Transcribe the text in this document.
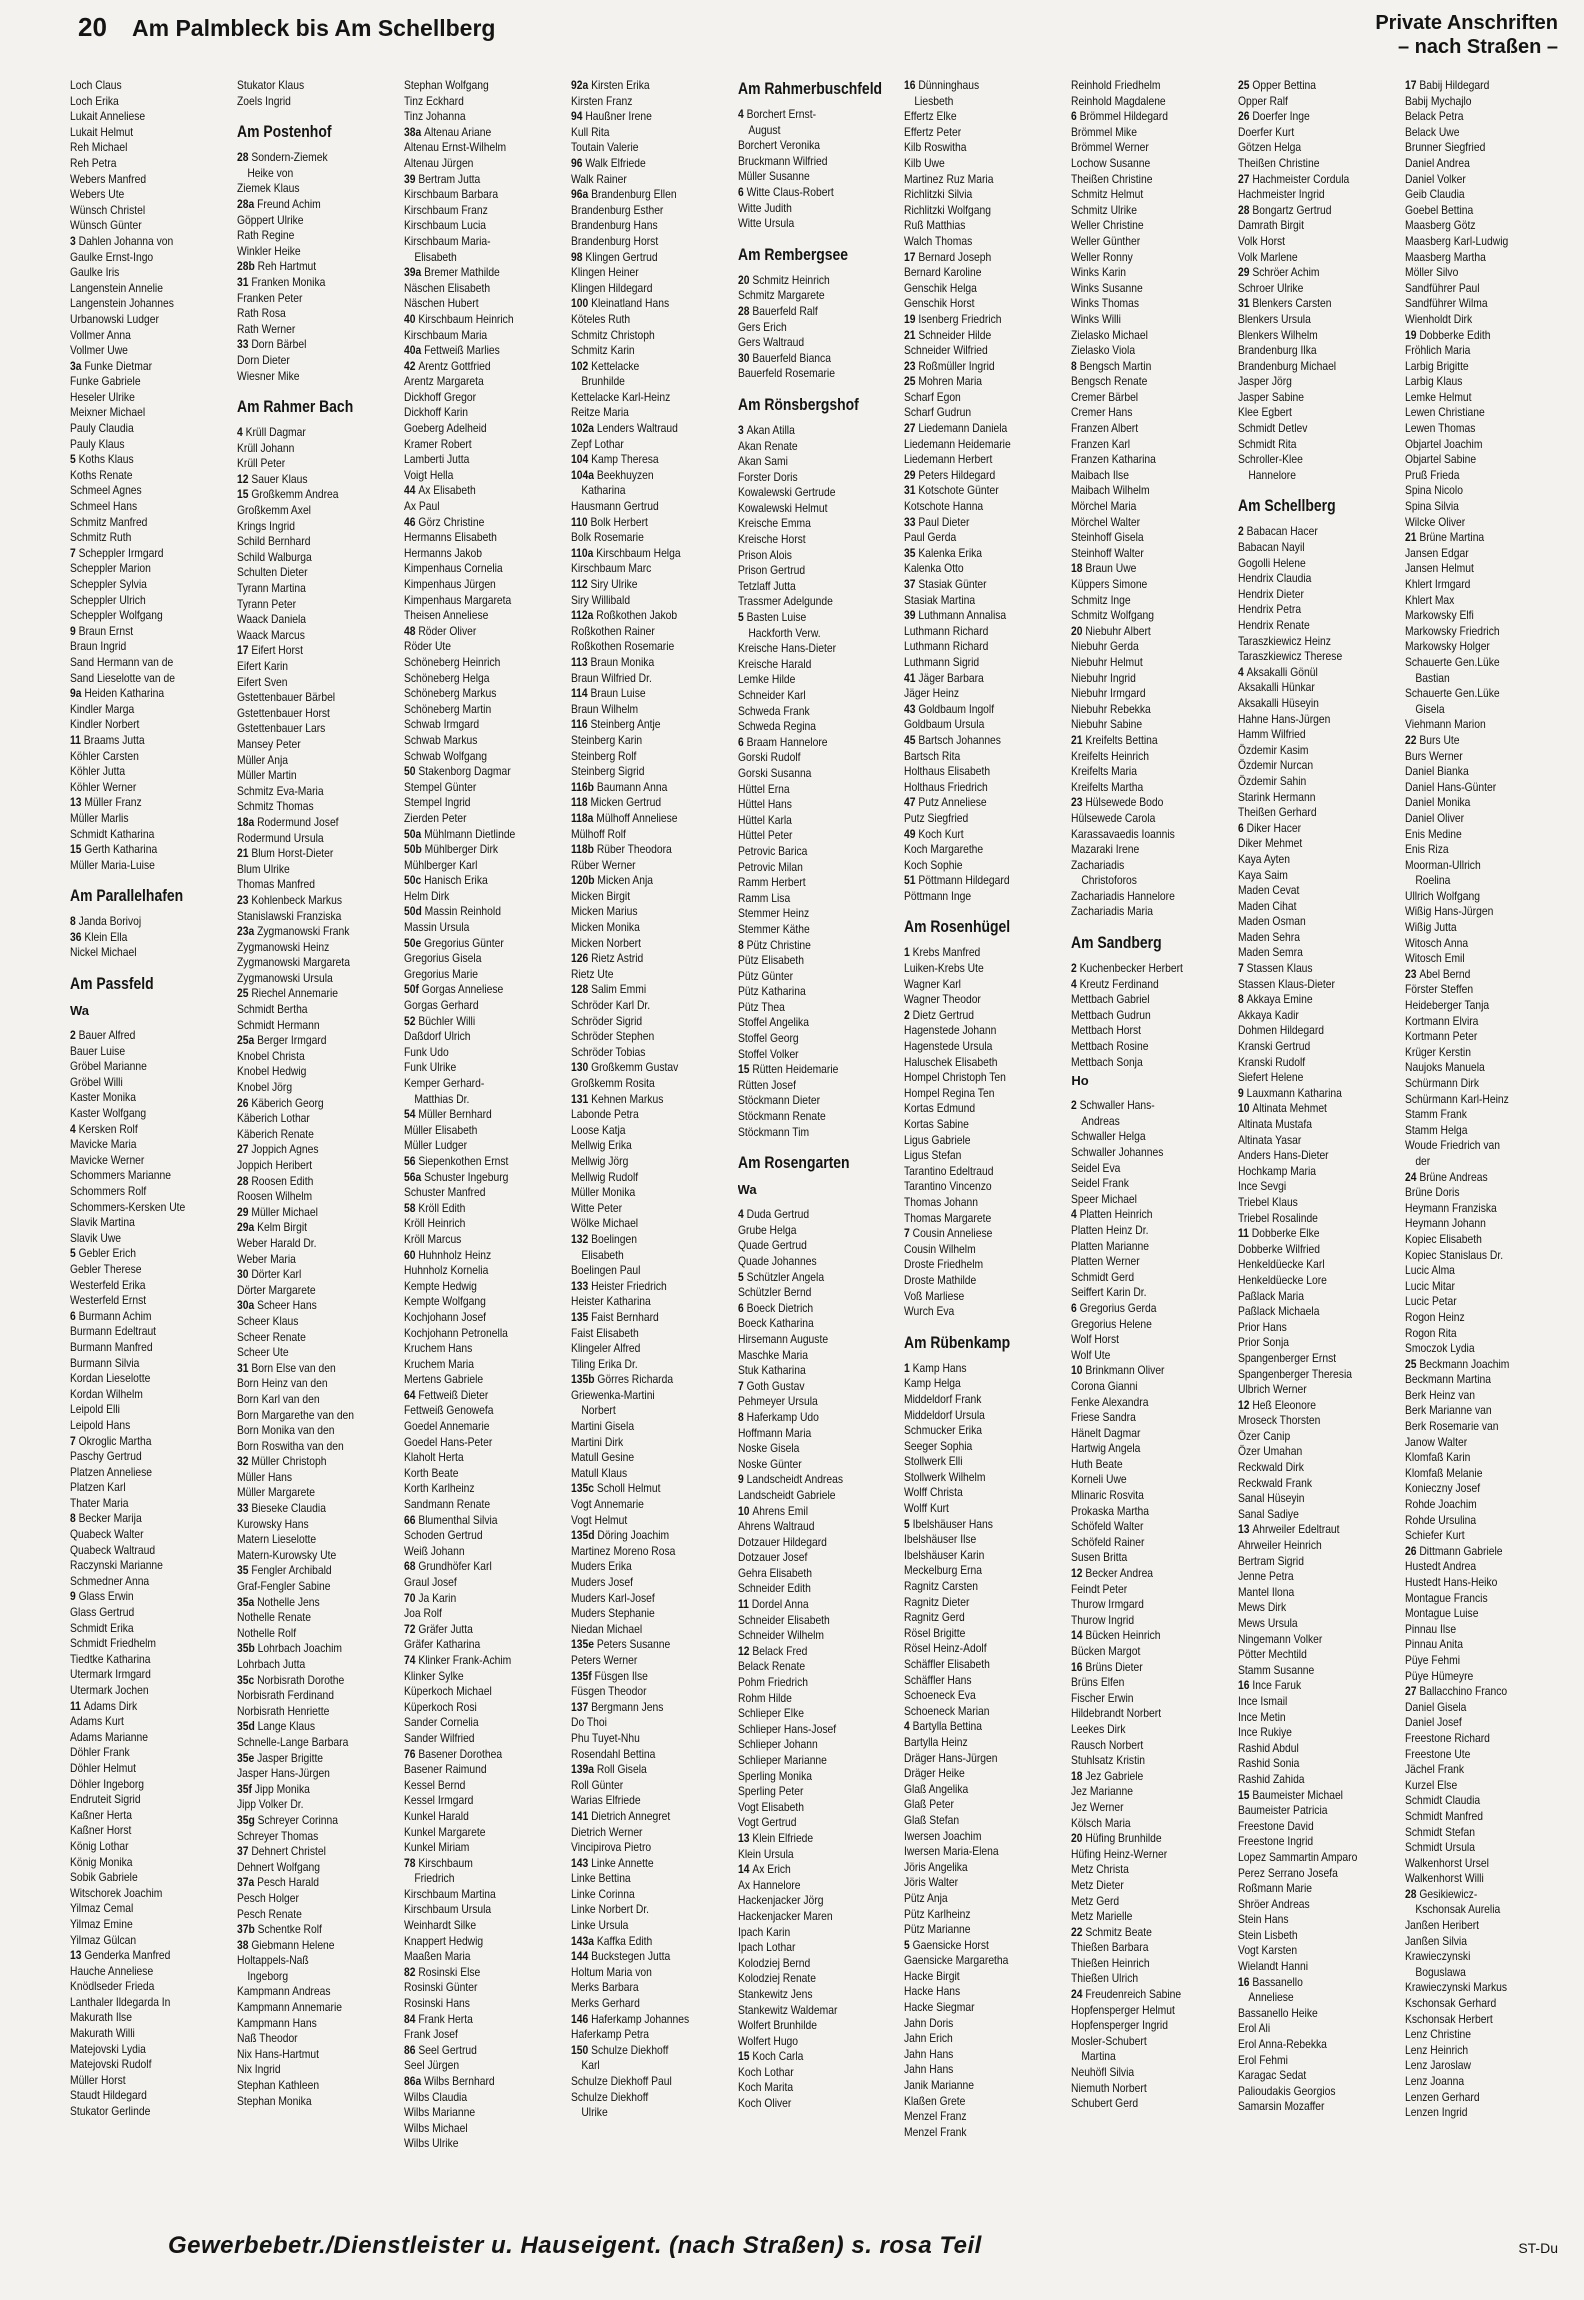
20 Am Palmbleck bis Am Schellberg	Private Anschriften
– nach Straßen –
Loch Claus
Loch Erika
Lukait Anneliese
Lukait Helmut
Reh Michael
Reh Petra
Webers Manfred
Webers Ute
Wünsch Christel
Wünsch Günter
3 Dahlen Johanna von
Gaulke Ernst-Ingo
Gaulke Iris
Langenstein Annelie
Langenstein Johannes
Urbanowski Ludger
Vollmer Anna
Vollmer Uwe
3a Funke Dietmar
Funke Gabriele
Heseler Ulrike
Meixner Michael
Pauly Claudia
Pauly Klaus
5 Koths Klaus
Koths Renate
Schmeel Agnes
Schmeel Hans
Schmitz Manfred
Schmitz Ruth
7 Scheppler Irmgard
Scheppler Marion
Scheppler Sylvia
Scheppler Ulrich
Scheppler Wolfgang
9 Braun Ernst
Braun Ingrid
Sand Hermann van de
Sand Lieselotte van de
9a Heiden Katharina
Kindler Marga
Kindler Norbert
11 Braams Jutta
Köhler Carsten
Köhler Jutta
Köhler Werner
13 Müller Franz
Müller Marlis
Schmidt Katharina
15 Gerth Katharina
Müller Maria-Luise
Am Parallelhafen
8 Janda Borivoj
36 Klein Ella
Nickel Michael
Am Passfeld
Wa
2 Bauer Alfred
Bauer Luise
Gröbel Marianne
Gröbel Willi
Kaster Monika
Kaster Wolfgang
4 Kersken Rolf
Mavicke Maria
Mavicke Werner
Schommers Marianne
Schommers Rolf
Schommers-Kersken Ute
Slavik Martina
Slavik Uwe
5 Gebler Erich
Gebler Therese
Westerfeld Erika
Westerfeld Ernst
6 Burmann Achim
Burmann Edeltraut
Burmann Manfred
Burmann Silvia
Kordan Lieselotte
Kordan Wilhelm
Leipold Elli
Leipold Hans
7 Okroglic Martha
Paschy Gertrud
Platzen Anneliese
Platzen Karl
Thater Maria
8 Becker Marija
Quabeck Walter
Quabeck Waltraud
Raczynski Marianne
Schmedner Anna
9 Glass Erwin
Glass Gertrud
Schmidt Erika
Schmidt Friedhelm
Tiedtke Katharina
Utermark Irmgard
Utermark Jochen
11 Adams Dirk
Adams Kurt
Adams Marianne
Döhler Frank
Döhler Helmut
Döhler Ingeborg
Endruteit Sigrid
Kaßner Herta
Kaßner Horst
König Lothar
König Monika
Sobik Gabriele
Witschorek Joachim
Yilmaz Cemal
Yilmaz Emine
Yilmaz Gülcan
13 Genderka Manfred
Hauche Anneliese
Knödlseder Frieda
Lanthaler Ildegarda In
Makurath Ilse
Makurath Willi
Matejovski Lydia
Matejovski Rudolf
Müller Horst
Staudt Hildegard
Stukator Gerlinde
Stukator Klaus
Zoels Ingrid
Am Postenhof
28 Sondern-Ziemek
Heike von
Ziemek Klaus
28a Freund Achim
Göppert Ulrike
Rath Regine
Winkler Heike
28b Reh Hartmut
31 Franken Monika
Franken Peter
Rath Rosa
Rath Werner
33 Dorn Bärbel
Dorn Dieter
Wiesner Mike
Am Rahmer Bach
4 Krüll Dagmar
Krüll Johann
Krüll Peter
12 Sauer Klaus
15 Großkemm Andrea
Großkemm Axel
Krings Ingrid
Schild Bernhard
Schild Walburga
Schulten Dieter
Tyrann Martina
Tyrann Peter
Waack Daniela
Waack Marcus
17 Eifert Horst
Eifert Karin
Eifert Sven
Gstettenbauer Bärbel
Gstettenbauer Horst
Gstettenbauer Lars
Mansey Peter
Müller Anja
Müller Martin
Schmitz Eva-Maria
Schmitz Thomas
18a Rodermund Josef
Rodermund Ursula
21 Blum Horst-Dieter
Blum Ulrike
Thomas Manfred
23 Kohlenbeck Markus
Stanislawski Franziska
23a Zygmanowski Frank
Zygmanowski Heinz
Zygmanowski Margareta
Zygmanowski Ursula
25 Riechel Annemarie
Schmidt Bertha
Schmidt Hermann
25a Berger Irmgard
Knobel Christa
Knobel Hedwig
Knobel Jörg
26 Käberich Georg
Käberich Lothar
Käberich Renate
27 Joppich Agnes
Joppich Heribert
28 Roosen Edith
Roosen Wilhelm
29 Müller Michael
29a Kelm Birgit
Weber Harald Dr.
Weber Maria
30 Dörter Karl
Dörter Margarete
30a Scheer Hans
Scheer Klaus
Scheer Renate
Scheer Ute
31 Born Else van den
Born Heinz van den
Born Karl van den
Born Margarethe van den
Born Monika van den
Born Roswitha van den
32 Müller Christoph
Müller Hans
Müller Margarete
33 Bieseke Claudia
Kurowsky Hans
Matern Lieselotte
Matern-Kurowsky Ute
35 Fengler Archibald
Graf-Fengler Sabine
35a Nothelle Jens
Nothelle Renate
Nothelle Rolf
35b Lohrbach Joachim
Lohrbach Jutta
35c Norbisrath Dorothe
Norbisrath Ferdinand
Norbisrath Henriette
35d Lange Klaus
Schnelle-Lange Barbara
35e Jasper Brigitte
Jasper Hans-Jürgen
35f Jipp Monika
Jipp Volker Dr.
35g Schreyer Corinna
Schreyer Thomas
37 Dehnert Christel
Dehnert Wolfgang
37a Pesch Harald
Pesch Holger
Pesch Renate
37b Schentke Rolf
38 Giebmann Helene
Holtappels-Naß
Ingeborg
Kampmann Andreas
Kampmann Annemarie
Kampmann Hans
Naß Theodor
Nix Hans-Hartmut
Nix Ingrid
Stephan Kathleen
Stephan Monika
Stephan Wolfgang
Tinz Eckhard
Tinz Johanna
38a Altenau Ariane
Altenau Ernst-Wilhelm
Altenau Jürgen
39 Bertram Jutta
Kirschbaum Barbara
Kirschbaum Franz
Kirschbaum Lucia
Kirschbaum Maria-
Elisabeth
39a Bremer Mathilde
Näschen Elisabeth
Näschen Hubert
40 Kirschbaum Heinrich
Kirschbaum Maria
40a Fettweiß Marlies
42 Arentz Gottfried
Arentz Margareta
Dickhoff Gregor
Dickhoff Karin
Goeberg Adelheid
Kramer Robert
Lamberti Jutta
Voigt Hella
44 Ax Elisabeth
Ax Paul
46 Görz Christine
Hermanns Elisabeth
Hermanns Jakob
Kimpenhaus Cornelia
Kimpenhaus Jürgen
Kimpenhaus Margareta
Theisen Anneliese
48 Röder Oliver
Röder Ute
Schöneberg Heinrich
Schöneberg Helga
Schöneberg Markus
Schöneberg Martin
Schwab Irmgard
Schwab Markus
Schwab Wolfgang
50 Stakenborg Dagmar
Stempel Günter
Stempel Ingrid
Zierden Peter
50a Mühlmann Dietlinde
50b Mühlberger Dirk
Mühlberger Karl
50c Hanisch Erika
Helm Dirk
50d Massin Reinhold
Massin Ursula
50e Gregorius Günter
Gregorius Gisela
Gregorius Marie
50f Gorgas Anneliese
Gorgas Gerhard
52 Büchler Willi
Daßdorf Ulrich
Funk Udo
Funk Ulrike
Kemper Gerhard-
Matthias Dr.
54 Müller Bernhard
Müller Elisabeth
Müller Ludger
56 Siepenkothen Ernst
56a Schuster Ingeburg
Schuster Manfred
58 Kröll Edith
Kröll Heinrich
Kröll Marcus
60 Huhnholz Heinz
Huhnholz Kornelia
Kempte Hedwig
Kempte Wolfgang
Kochjohann Josef
Kochjohann Petronella
Kruchem Hans
Kruchem Maria
Mertens Gabriele
64 Fettweiß Dieter
Fettweiß Genowefa
Goedel Annemarie
Goedel Hans-Peter
Klaholt Herta
Korth Beate
Korth Karlheinz
Sandmann Renate
66 Blumenthal Silvia
Schoden Gertrud
Weiß Johann
68 Grundhöfer Karl
Graul Josef
70 Ja Karin
Joa Rolf
72 Gräfer Jutta
Gräfer Katharina
74 Klinker Frank-Achim
Klinker Sylke
Küperkoch Michael
Küperkoch Rosi
Sander Cornelia
Sander Wilfried
76 Basener Dorothea
Basener Raimund
Kessel Bernd
Kessel Irmgard
Kunkel Harald
Kunkel Margarete
Kunkel Miriam
78 Kirschbaum
Friedrich
Kirschbaum Martina
Kirschbaum Ursula
Weinhardt Silke
Knappert Hedwig
Maaßen Maria
82 Rosinski Else
Rosinski Günter
Rosinski Hans
84 Frank Herta
Frank Josef
86 Seel Gertrud
Seel Jürgen
86a Wilbs Bernhard
Wilbs Claudia
Wilbs Marianne
Wilbs Michael
Wilbs Ulrike
92a Kirsten Erika
Kirsten Franz
94 Haußner Irene
Kull Rita
Toutain Valerie
96 Walk Elfriede
Walk Rainer
96a Brandenburg Ellen
Brandenburg Esther
Brandenburg Hans
Brandenburg Horst
98 Klingen Gertrud
Klingen Heiner
Klingen Hildegard
100 Kleinatland Hans
Köteles Ruth
Schmitz Christoph
Schmitz Karin
102 Kettelacke
Brunhilde
Kettelacke Karl-Heinz
Reitze Maria
102a Lenders Waltraud
Zepf Lothar
104 Kamp Theresa
104a Beekhuyzen
Katharina
Hausmann Gertrud
110 Bolk Herbert
Bolk Rosemarie
110a Kirschbaum Helga
Kirschbaum Marc
112 Siry Ulrike
Siry Willibald
112a Roßkothen Jakob
Roßkothen Rainer
Roßkothen Rosemarie
113 Braun Monika
Braun Wilfried Dr.
114 Braun Luise
Braun Wilhelm
116 Steinberg Antje
Steinberg Karin
Steinberg Rolf
Steinberg Sigrid
116b Baumann Anna
118 Micken Gertrud
118a Mülhoff Anneliese
Mülhoff Rolf
118b Rüber Theodora
Rüber Werner
120b Micken Anja
Micken Birgit
Micken Marius
Micken Monika
Micken Norbert
126 Rietz Astrid
Rietz Ute
128 Salim Emmi
Schröder Karl Dr.
Schröder Sigrid
Schröder Stephen
Schröder Tobias
130 Großkemm Gustav
Großkemm Rosita
131 Kehnen Markus
Labonde Petra
Loose Katja
Mellwig Erika
Mellwig Jörg
Mellwig Rudolf
Müller Monika
Witte Peter
Wölke Michael
132 Boelingen
Elisabeth
Boelingen Paul
133 Heister Friedrich
Heister Katharina
135 Faist Bernhard
Faist Elisabeth
Klingeler Alfred
Tiling Erika Dr.
135b Görres Richarda
Griewenka-Martini
Norbert
Martini Gisela
Martini Dirk
Matull Gesine
Matull Klaus
135c Scholl Helmut
Vogt Annemarie
Vogt Helmut
135d Döring Joachim
Martinez Moreno Rosa
Muders Erika
Muders Josef
Muders Karl-Josef
Muders Stephanie
Niedan Michael
135e Peters Susanne
Peters Werner
135f Füsgen Ilse
Füsgen Theodor
137 Bergmann Jens
Do Thoi
Phu Tuyet-Nhu
Rosendahl Bettina
139a Roll Gisela
Roll Günter
Warias Elfriede
141 Dietrich Annegret
Dietrich Werner
Vincipirova Pietro
143 Linke Annette
Linke Bettina
Linke Corinna
Linke Norbert Dr.
Linke Ursula
143a Kaffka Edith
144 Buckstegen Jutta
Holtum Maria von
Merks Barbara
Merks Gerhard
146 Haferkamp Johannes
Haferkamp Petra
150 Schulze Diekhoff
Karl
Schulze Diekhoff Paul
Schulze Diekhoff
Ulrike
Am Rahmerbuschfeld
4 Borchert Ernst-
August
Borchert Veronika
Bruckmann Wilfried
Müller Susanne
6 Witte Claus-Robert
Witte Judith
Witte Ursula
Am Rembergsee
20 Schmitz Heinrich
Schmitz Margarete
28 Bauerfeld Ralf
Gers Erich
Gers Waltraud
30 Bauerfeld Bianca
Bauerfeld Rosemarie
Am Rönsbergshof
3 Akan Atilla
Akan Renate
Akan Sami
Forster Doris
Kowalewski Gertrude
Kowalewski Helmut
Kreische Emma
Kreische Horst
Prison Alois
Prison Gertrud
Tetzlaff Jutta
Trassmer Adelgunde
5 Basten Luise
Hackforth Verw.
Kreische Hans-Dieter
Kreische Harald
Lemke Hilde
Schneider Karl
Schweda Frank
Schweda Regina
6 Braam Hannelore
Gorski Rudolf
Gorski Susanna
Hüttel Erna
Hüttel Hans
Hüttel Karla
Hüttel Peter
Petrovic Barica
Petrovic Milan
Ramm Herbert
Ramm Lisa
Stemmer Heinz
Stemmer Käthe
8 Pütz Christine
Pütz Elisabeth
Pütz Günter
Pütz Katharina
Pütz Thea
Stoffel Angelika
Stoffel Georg
Stoffel Volker
15 Rütten Heidemarie
Rütten Josef
Stöckmann Dieter
Stöckmann Renate
Stöckmann Tim
Am Rosengarten
Wa
4 Duda Gertrud
Grube Helga
Quade Gertrud
Quade Johannes
5 Schützler Angela
Schützler Bernd
6 Boeck Dietrich
Boeck Katharina
Hirsemann Auguste
Maschke Maria
Stuk Katharina
7 Goth Gustav
Pehmeyer Ursula
8 Haferkamp Udo
Hoffmann Maria
Noske Gisela
Noske Günter
9 Landscheidt Andreas
Landscheidt Gabriele
10 Ahrens Emil
Ahrens Waltraud
Dotzauer Hildegard
Dotzauer Josef
Gehra Elisabeth
Schneider Edith
11 Dordel Anna
Schneider Elisabeth
Schneider Wilhelm
12 Belack Fred
Belack Renate
Pohm Friedrich
Rohm Hilde
Schlieper Elke
Schlieper Hans-Josef
Schlieper Johann
Schlieper Marianne
Sperling Monika
Sperling Peter
Vogt Elisabeth
Vogt Gertrud
13 Klein Elfriede
Klein Ursula
14 Ax Erich
Ax Hannelore
Hackenjacker Jörg
Hackenjacker Maren
Ipach Karin
Ipach Lothar
Kolodziej Bernd
Kolodziej Renate
Stankewitz Jens
Stankewitz Waldemar
Wolfert Brunhilde
Wolfert Hugo
15 Koch Carla
Koch Lothar
Koch Marita
Koch Oliver
16 Dünninghaus
Liesbeth
Effertz Elke
Effertz Peter
Kilb Roswitha
Kilb Uwe
Martinez Ruz Maria
Richlitzki Silvia
Richlitzki Wolfgang
Ruß Matthias
Walch Thomas
17 Bernard Joseph
Bernard Karoline
Genschik Helga
Genschik Horst
19 Isenberg Friedrich
21 Schneider Hilde
Schneider Wilfried
23 Roßmüller Ingrid
25 Mohren Maria
Scharf Egon
Scharf Gudrun
27 Liedemann Daniela
Liedemann Heidemarie
Liedemann Herbert
29 Peters Hildegard
31 Kotschote Günter
Kotschote Hanna
33 Paul Dieter
Paul Gerda
35 Kalenka Erika
Kalenka Otto
37 Stasiak Günter
Stasiak Martina
39 Luthmann Annalisa
Luthmann Richard
Luthmann Richard
Luthmann Sigrid
41 Jäger Barbara
Jäger Heinz
43 Goldbaum Ingolf
Goldbaum Ursula
45 Bartsch Johannes
Bartsch Rita
Holthaus Elisabeth
Holthaus Friedrich
47 Putz Anneliese
Putz Siegfried
49 Koch Kurt
Koch Margarethe
Koch Sophie
51 Pöttmann Hildegard
Pöttmann Inge
Am Rosenhügel
1 Krebs Manfred
Luiken-Krebs Ute
Wagner Karl
Wagner Theodor
2 Dietz Gertrud
Hagenstede Johann
Hagenstede Ursula
Haluschek Elisabeth
Hompel Christoph Ten
Hompel Regina Ten
Kortas Edmund
Kortas Sabine
Ligus Gabriele
Ligus Stefan
Tarantino Edeltraud
Tarantino Vincenzo
Thomas Johann
Thomas Margarete
7 Cousin Anneliese
Cousin Wilhelm
Droste Friedhelm
Droste Mathilde
Voß Marliese
Wurch Eva
Am Rübenkamp
1 Kamp Hans
Kamp Helga
Middeldorf Frank
Middeldorf Ursula
Schmucker Erika
Seeger Sophia
Stollwerk Elli
Stollwerk Wilhelm
Wolff Christa
Wolff Kurt
5 Ibelshäuser Hans
Ibelshäuser Ilse
Ibelshäuser Karin
Meckelburg Erna
Ragnitz Carsten
Ragnitz Dieter
Ragnitz Gerd
Rösel Brigitte
Rösel Heinz-Adolf
Schäffler Elisabeth
Schäffler Hans
Schoeneck Eva
Schoeneck Marian
4 Bartylla Bettina
Bartylla Heinz
Dräger Hans-Jürgen
Dräger Heike
Glaß Angelika
Glaß Peter
Glaß Stefan
Iwersen Joachim
Iwersen Maria-Elena
Jöris Angelika
Jöris Walter
Pütz Anja
Pütz Karlheinz
Pütz Marianne
5 Gaensicke Horst
Gaensicke Margaretha
Hacke Birgit
Hacke Hans
Hacke Siegmar
Jahn Doris
Jahn Erich
Jahn Hans
Jahn Hans
Janik Marianne
Klaßen Grete
Menzel Franz
Menzel Frank
Reinhold Friedhelm
Reinhold Magdalene
6 Brömmel Hildegard
Brömmel Mike
Brömmel Werner
Lochow Susanne
Theißen Christine
Schmitz Helmut
Schmitz Ulrike
Weller Christine
Weller Günther
Weller Ronny
Winks Karin
Winks Susanne
Winks Thomas
Winks Willi
Zielasko Michael
Zielasko Viola
8 Bengsch Martin
Bengsch Renate
Cremer Bärbel
Cremer Hans
Franzen Albert
Franzen Karl
Franzen Katharina
Maibach Ilse
Maibach Wilhelm
Mörchel Maria
Mörchel Walter
Steinhoff Gisela
Steinhoff Walter
18 Braun Uwe
Küppers Simone
Schmitz Inge
Schmitz Wolfgang
20 Niebuhr Albert
Niebuhr Gerda
Niebuhr Helmut
Niebuhr Ingrid
Niebuhr Irmgard
Niebuhr Rebekka
Niebuhr Sabine
21 Kreifelts Bettina
Kreifelts Heinrich
Kreifelts Maria
Kreifelts Martha
23 Hülsewede Bodo
Hülsewede Carola
Karassavaedis Ioannis
Mazaraki Irene
Zachariadis
Christoforos
Zachariadis Hannelore
Zachariadis Maria
Am Sandberg
2 Kuchenbecker Herbert
4 Kreutz Ferdinand
Mettbach Gabriel
Mettbach Gudrun
Mettbach Horst
Mettbach Rosine
Mettbach Sonja
Ho
2 Schwaller Hans-
Andreas
Schwaller Helga
Schwaller Johannes
Seidel Eva
Seidel Frank
Speer Michael
4 Platten Heinrich
Platten Heinz Dr.
Platten Marianne
Platten Werner
Schmidt Gerd
Seiffert Karin Dr.
6 Gregorius Gerda
Gregorius Helene
Wolf Horst
Wolf Ute
10 Brinkmann Oliver
Corona Gianni
Fenke Alexandra
Friese Sandra
Hänelt Dagmar
Hartwig Angela
Huth Beate
Korneli Uwe
Mlinaric Rosvita
Prokaska Martha
Schöfeld Walter
Schöfeld Rainer
Susen Britta
12 Becker Andrea
Feindt Peter
Thurow Irmgard
Thurow Ingrid
14 Bücken Heinrich
Bücken Margot
16 Brüns Dieter
Brüns Elfen
Fischer Erwin
Hildebrandt Norbert
Leekes Dirk
Rausch Norbert
Stuhlsatz Kristin
18 Jez Gabriele
Jez Marianne
Jez Werner
Kölsch Maria
20 Hüfing Brunhilde
Hüfing Heinz-Werner
Metz Christa
Metz Dieter
Metz Gerd
Metz Marielle
22 Schmitz Beate
Thießen Barbara
Thießen Heinrich
Thießen Ulrich
24 Freudenreich Sabine
Hopfensperger Helmut
Hopfensperger Ingrid
Mosler-Schubert
Martina
Neuhöfl Silvia
Niemuth Norbert
Schubert Gerd
25 Opper Bettina
Opper Ralf
26 Doerfer Inge
Doerfer Kurt
Götzen Helga
Theißen Christine
27 Hachmeister Cordula
Hachmeister Ingrid
28 Bongartz Gertrud
Damrath Birgit
Volk Horst
Volk Marlene
29 Schröer Achim
Schroer Ulrike
31 Blenkers Carsten
Blenkers Ursula
Blenkers Wilhelm
Brandenburg Ilka
Brandenburg Michael
Jasper Jörg
Jasper Sabine
Klee Egbert
Schmidt Detlev
Schmidt Rita
Schroller-Klee
Hannelore
Am Schellberg
2 Babacan Hacer
Babacan Nayil
Gogolli Helene
Hendrix Claudia
Hendrix Dieter
Hendrix Petra
Hendrix Renate
Taraszkiewicz Heinz
Taraszkiewicz Therese
4 Aksakalli Gönül
Aksakalli Hünkar
Aksakalli Hüseyin
Hahne Hans-Jürgen
Hamm Wilfried
Özdemir Kasim
Özdemir Nurcan
Özdemir Sahin
Starink Hermann
Theißen Gerhard
6 Diker Hacer
Diker Mehmet
Kaya Ayten
Kaya Saim
Maden Cevat
Maden Cihat
Maden Osman
Maden Sehra
Maden Semra
7 Stassen Klaus
Stassen Klaus-Dieter
8 Akkaya Emine
Akkaya Kadir
Dohmen Hildegard
Kranski Gertrud
Kranski Rudolf
Siefert Helene
9 Lauxmann Katharina
10 Altinata Mehmet
Altinata Mustafa
Altinata Yasar
Anders Hans-Dieter
Hochkamp Maria
Ince Sevgi
Triebel Klaus
Triebel Rosalinde
11 Dobberke Elke
Dobberke Wilfried
Henkeldüecke Karl
Henkeldüecke Lore
Paßlack Maria
Paßlack Michaela
Prior Hans
Prior Sonja
Spangenberger Ernst
Spangenberger Theresia
Ulbrich Werner
12 Heß Eleonore
Mroseck Thorsten
Özer Canip
Özer Umahan
Reckwald Dirk
Reckwald Frank
Sanal Hüseyin
Sanal Sadiye
13 Ahrweiler Edeltraut
Ahrweiler Heinrich
Bertram Sigrid
Jenne Petra
Mantel Ilona
Mews Dirk
Mews Ursula
Ningemann Volker
Pötter Mechtild
Stamm Susanne
16 Ince Faruk
Ince Ismail
Ince Metin
Ince Rukiye
Rashid Abdul
Rashid Sonia
Rashid Zahida
15 Baumeister Michael
Baumeister Patricia
Freestone David
Freestone Ingrid
Lopez Sammartin Amparo
Perez Serrano Josefa
Roßmann Marie
Shröer Andreas
Stein Hans
Stein Lisbeth
Vogt Karsten
Wielandt Hanni
16 Bassanello
Anneliese
Bassanello Heike
Erol Ali
Erol Anna-Rebekka
Erol Fehmi
Karagac Sedat
Palioudakis Georgios
Samarsin Mozaffer
17 Babij Hildegard
Babij Mychajlo
Belack Petra
Belack Uwe
Brunner Siegfried
Daniel Andrea
Daniel Volker
Geib Claudia
Goebel Bettina
Maasberg Götz
Maasberg Karl-Ludwig
Maasberg Martha
Möller Silvo
Sandführer Paul
Sandführer Wilma
Wienholdt Dirk
19 Dobberke Edith
Fröhlich Maria
Larbig Brigitte
Larbig Klaus
Lemke Helmut
Lewen Christiane
Lewen Thomas
Objartel Joachim
Objartel Sabine
Pruß Frieda
Spina Nicolo
Spina Silvia
Wilcke Oliver
21 Brüne Martina
Jansen Edgar
Jansen Helmut
Khlert Irmgard
Khlert Max
Markowsky Elfi
Markowsky Friedrich
Markowsky Holger
Schauerte Gen.Lüke
Bastian
Schauerte Gen.Lüke
Gisela
Viehmann Marion
22 Burs Ute
Burs Werner
Daniel Bianka
Daniel Hans-Günter
Daniel Monika
Daniel Oliver
Enis Medine
Enis Riza
Moorman-Ullrich
Roelina
Ullrich Wolfgang
Wißig Hans-Jürgen
Wißig Jutta
Witosch Anna
Witosch Emil
23 Abel Bernd
Förster Steffen
Heideberger Tanja
Kortmann Elvira
Kortmann Peter
Krüger Kerstin
Naujoks Manuela
Schürmann Dirk
Schürmann Karl-Heinz
Stamm Frank
Stamm Helga
Woude Friedrich van
der
24 Brüne Andreas
Brüne Doris
Heymann Franziska
Heymann Johann
Kopiec Elisabeth
Kopiec Stanislaus Dr.
Lucic Alma
Lucic Mitar
Lucic Petar
Rogon Heinz
Rogon Rita
Smoczok Lydia
25 Beckmann Joachim
Beckmann Martina
Berk Heinz van
Berk Marianne van
Berk Rosemarie van
Janow Walter
Klomfaß Karin
Klomfaß Melanie
Konieczny Josef
Rohde Joachim
Rohde Ursulina
Schiefer Kurt
26 Dittmann Gabriele
Hustedt Andrea
Hustedt Hans-Heiko
Montague Francis
Montague Luise
Pinnau Ilse
Pinnau Anita
Püye Fehmi
Püye Hümeyre
27 Ballacchino Franco
Daniel Gisela
Daniel Josef
Freestone Richard
Freestone Ute
Jächel Frank
Kurzel Else
Schmidt Claudia
Schmidt Manfred
Schmidt Stefan
Schmidt Ursula
Walkenhorst Ursel
Walkenhorst Willi
28 Gesikiewicz-
Kschonsak Aurelia
Janßen Heribert
Janßen Silvia
Krawieczynski
Boguslawa
Krawieczynski Markus
Kschonsak Gerhard
Kschonsak Herbert
Lenz Christine
Lenz Heinrich
Lenz Jaroslaw
Lenz Joanna
Lenzen Gerhard
Lenzen Ingrid
Gewerbebetr./Dienstleister u. Hauseigent. (nach Straßen) s. rosa Teil	ST-Du
